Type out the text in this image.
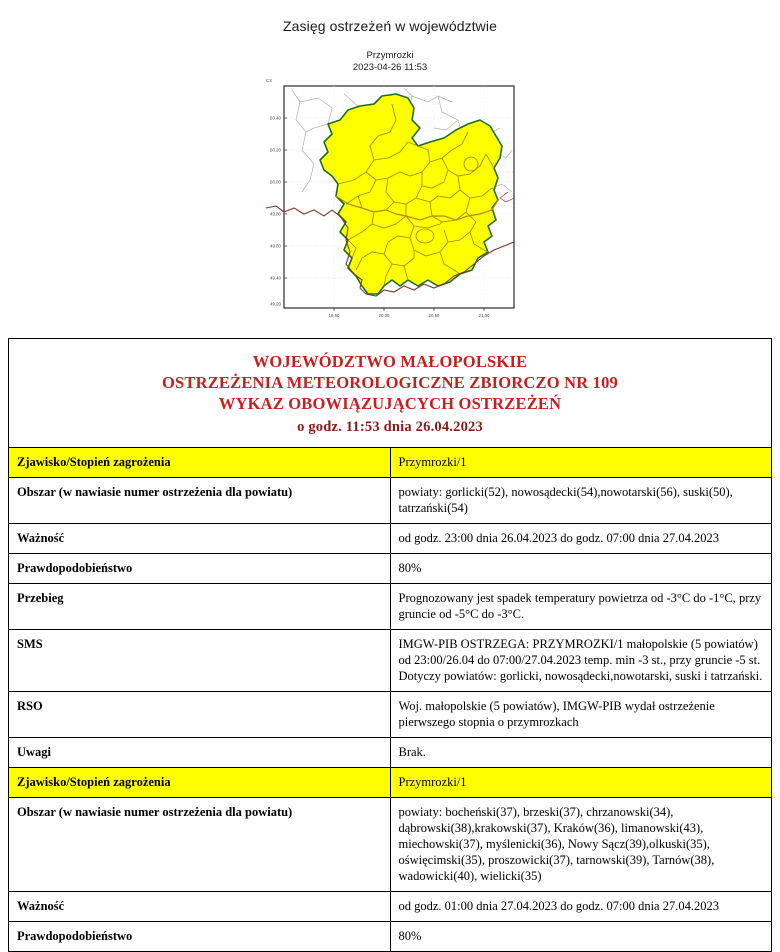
Zasięg ostrzeżeń w województwie
Przymrozki
2023-04-26 11:53
CS
50.40
50.20
50.00
49.80
49.60
49.40
49.20
19.50	20.00	20.50	21.00
WOJEWÓDZTWO MAŁOPOLSKIE
OSTRZEŻENIA METEOROLOGICZNE ZBIORCZO NR 109
WYKAZ OBOWIĄZUJĄCYCH OSTRZEŻEŃ
o godz. 11:53 dnia 26.04.2023	

Zjawisko/Stopień zagrożenia	Przymrozki/1
Obszar (w nawiasie numer ostrzeżenia dla powiatu)	powiaty: gorlicki(52), nowosądecki(54),nowotarski(56), suski(50), tatrzański(54)
Ważność	od godz. 23:00 dnia 26.04.2023 do godz. 07:00 dnia 27.04.2023
Prawdopodobieństwo	80%
Przebieg	Prognozowany jest spadek temperatury powietrza od -3°C do -1°C, przy gruncie od -5°C do -3°C.
SMS	IMGW-PIB OSTRZEGA: PRZYMROZKI/1 małopolskie (5 powiatów) od 23:00/26.04 do 07:00/27.04.2023 temp. min -3 st., przy gruncie -5 st. Dotyczy powiatów: gorlicki, nowosądecki,nowotarski, suski i tatrzański.
RSO	Woj. małopolskie (5 powiatów), IMGW-PIB wydał ostrzeżenie pierwszego stopnia o przymrozkach
Uwagi	Brak.
Zjawisko/Stopień zagrożenia	Przymrozki/1
Obszar (w nawiasie numer ostrzeżenia dla powiatu)	powiaty: bocheński(37), brzeski(37), chrzanowski(34), dąbrowski(38),krakowski(37), Kraków(36), limanowski(43), miechowski(37), myślenicki(36), Nowy Sącz(39),olkuski(35), oświęcimski(35), proszowicki(37), tarnowski(39), Tarnów(38), wadowicki(40), wielicki(35)
Ważność	od godz. 01:00 dnia 27.04.2023 do godz. 07:00 dnia 27.04.2023
Prawdopodobieństwo	80%
